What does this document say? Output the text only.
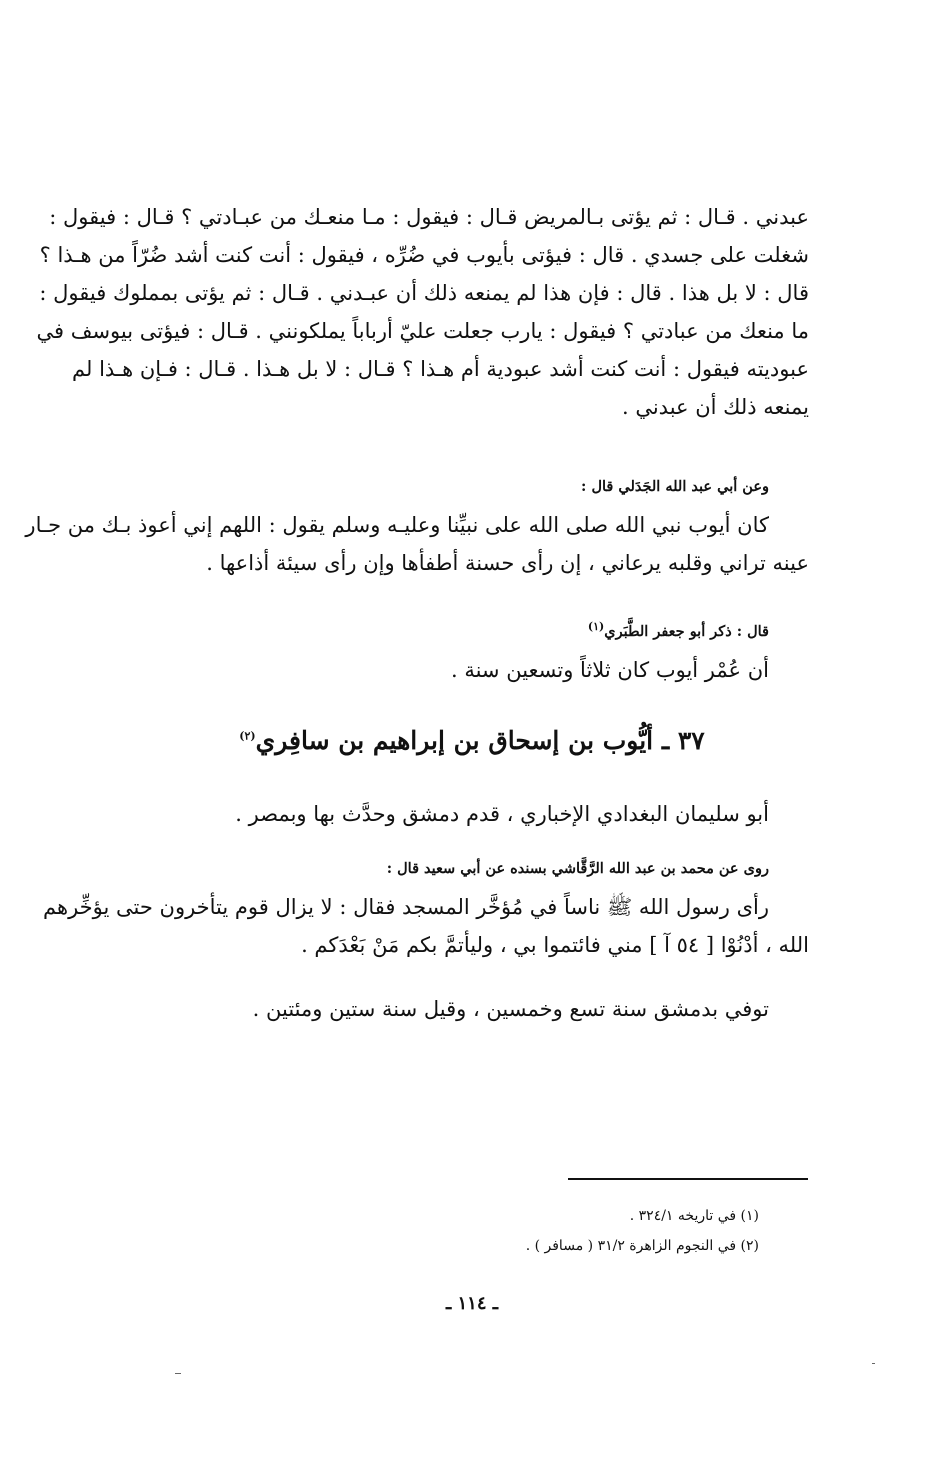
عبدني . قـال : ثم يؤتى بـالمريض قـال : فيقول : مـا منعـك من عبـادتي ؟ قـال : فيقول :
شغلت على جسدي . قال : فيؤتى بأيوب في ضُرِّه ، فيقول : أنت كنت أشد ضُرّاً من هـذا ؟
قال : لا بل هذا . قال : فإن هذا لم يمنعه ذلك أن عبـدني . قـال : ثم يؤتى بمملوك فيقول :
ما منعك من عبادتي ؟ فيقول : يارب جعلت عليّ أرباباً يملكونني . قـال : فيؤتى بيوسف في
عبوديته فيقول : أنت كنت أشد عبودية أم هـذا ؟ قـال : لا بل هـذا . قـال : فـإن هـذا لم
يمنعه ذلك أن عبدني .
وعن أبي عبد الله الجَدَلي قال :
كان أيوب نبي الله صلى الله على نبيِّنا وعليـه وسلم يقول : اللهم إني أعوذ بـك من جـار
عينه تراني وقلبه يرعاني ، إن رأى حسنة أطفأها وإن رأى سيئة أذاعها .
قال : ذكر أبو جعفر الطَّبَري$^{(١)}$
أن عُمْر أيوب كان ثلاثاً وتسعين سنة .
٣٧ ـ أيُّوب بن إسحاق بن إبراهيم بن سافِري$^{(٢)}$
أبو سليمان البغدادي الإخباري ، قدم دمشق وحدَّث بها وبمصر .
روى عن محمد بن عبد الله الرَّقَّاشي بسنده عن أبي سعيد قال :
رأى رسول الله ﷺ ناساً في مُؤخَّر المسجد فقال : لا يزال قوم يتأخرون حتى يؤخِّرهم
الله ، أدْنُوْا [ ٥٤ آ ] مني فائتموا بي ، وليأتمَّ بكم مَنْ بَعْدَكم .
توفي بدمشق سنة تسع وخمسين ، وقيل سنة ستين ومئتين .
(١) في تاريخه ٣٢٤/١ .
(٢) في النجوم الزاهرة ٣١/٢ ( مسافر ) .
ـ ١١٤ ـ
